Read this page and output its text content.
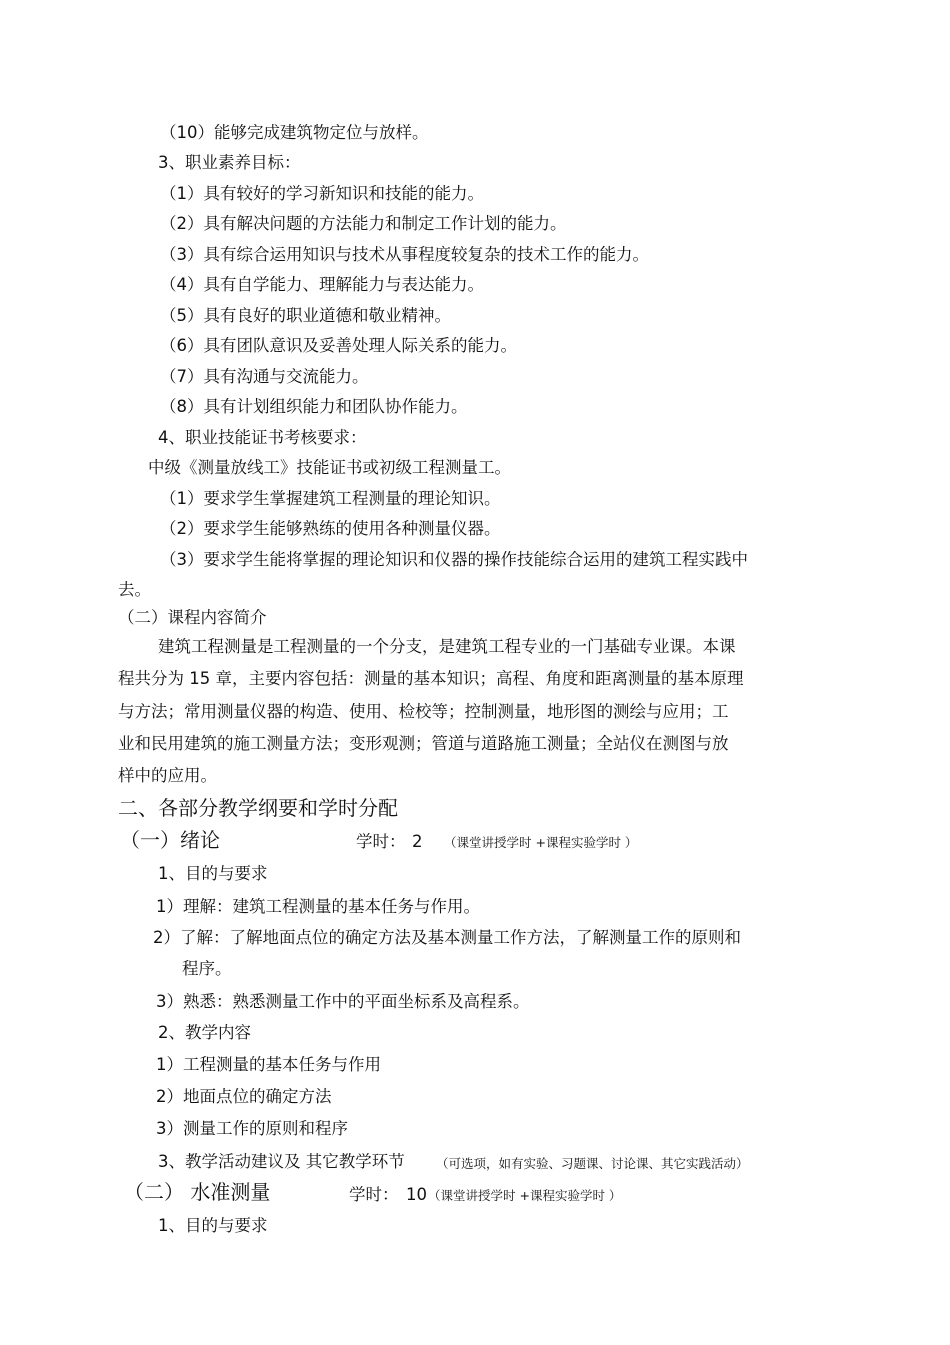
（10）能够完成建筑物定位与放样。
3、职业素养目标：
（1）具有较好的学习新知识和技能的能力。
（2）具有解决问题的方法能力和制定工作计划的能力。
（3）具有综合运用知识与技术从事程度较复杂的技术工作的能力。
（4）具有自学能力、理解能力与表达能力。
（5）具有良好的职业道德和敬业精神。
（6）具有团队意识及妥善处理人际关系的能力。
（7）具有沟通与交流能力。
（8）具有计划组织能力和团队协作能力。
4、职业技能证书考核要求：
中级《测量放线工》技能证书或初级工程测量工。
（1）要求学生掌握建筑工程测量的理论知识。
（2）要求学生能够熟练的使用各种测量仪器。
（3）要求学生能将掌握的理论知识和仪器的操作技能综合运用的建筑工程实践中
去。
（二）课程内容简介
建筑工程测量是工程测量的一个分支，是建筑工程专业的一门基础专业课。本课
程共分为 15 章，主要内容包括：测量的基本知识；高程、角度和距离测量的基本原理
与方法；常用测量仪器的构造、使用、检校等；控制测量，地形图的测绘与应用；工
业和民用建筑的施工测量方法；变形观测；管道与道路施工测量；全站仪在测图与放
样中的应用。
二、各部分教学纲要和学时分配
（一）绪论	学时： 2 （课堂讲授学时 +课程实验学时 ）
1、目的与要求
1）理解：建筑工程测量的基本任务与作用。
2）了解：了解地面点位的确定方法及基本测量工作方法，了解测量工作的原则和
程序。
3）熟悉：熟悉测量工作中的平面坐标系及高程系。
2、教学内容
1）工程测量的基本任务与作用
2）地面点位的确定方法
3）测量工作的原则和程序
3、教学活动建议及 其它教学环节	（可选项，如有实验、习题课、讨论课、其它实践活动）
（二） 水准测量	学时： 10 （课堂讲授学时 +课程实验学时 ）
1、目的与要求
